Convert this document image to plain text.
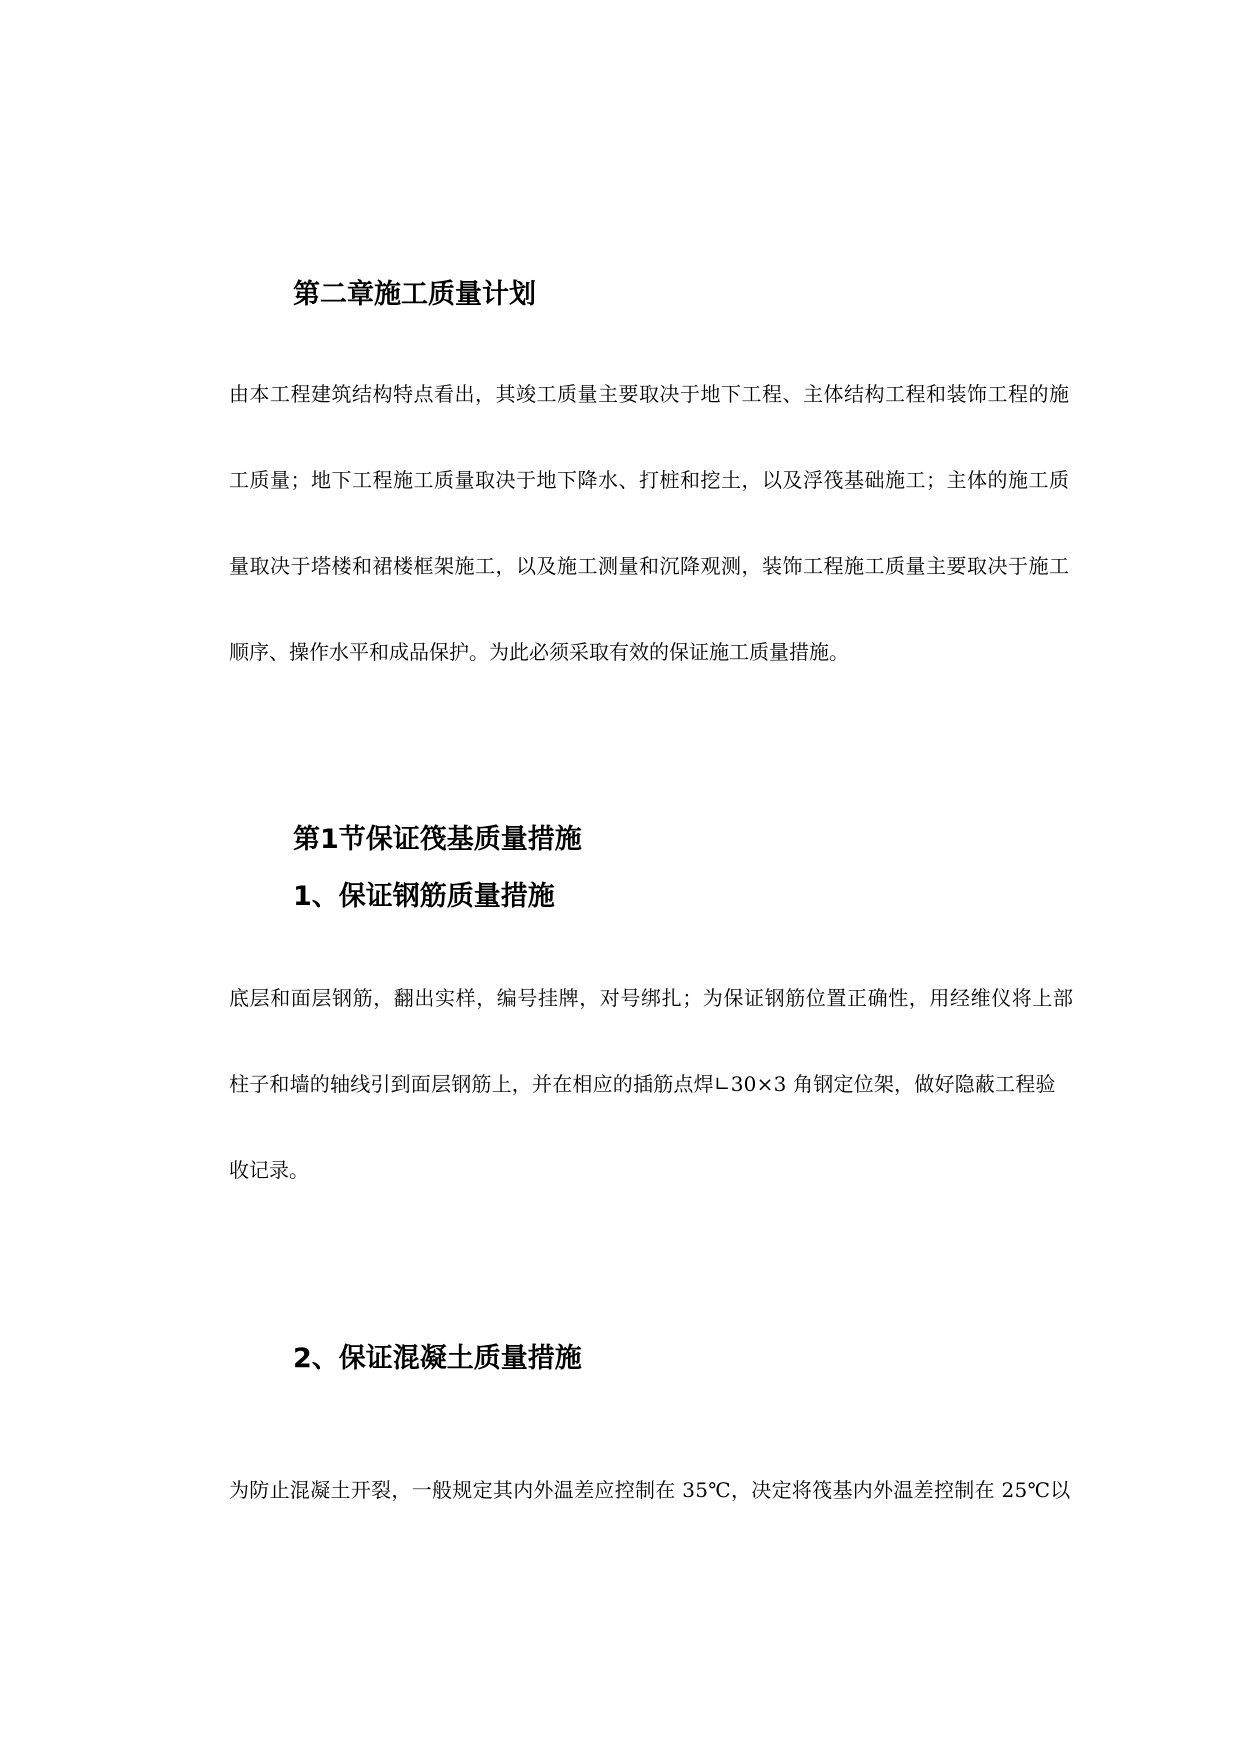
第二章施工质量计划
由本工程建筑结构特点看出，其竣工质量主要取决于地下工程、主体结构工程和装饰工程的施
工质量；地下工程施工质量取决于地下降水、打桩和挖土，以及浮筏基础施工；主体的施工质
量取决于塔楼和裙楼框架施工，以及施工测量和沉降观测，装饰工程施工质量主要取决于施工
顺序、操作水平和成品保护。为此必须采取有效的保证施工质量措施。
第1节保证筏基质量措施
1、保证钢筋质量措施
底层和面层钢筋，翻出实样，编号挂牌，对号绑扎；为保证钢筋位置正确性，用经维仪将上部
柱子和墙的轴线引到面层钢筋上，并在相应的插筋点焊∟30×3 角钢定位架，做好隐蔽工程验
收记录。
2、保证混凝土质量措施
为防止混凝土开裂，一般规定其内外温差应控制在 35℃，决定将筏基内外温差控制在 25℃以
